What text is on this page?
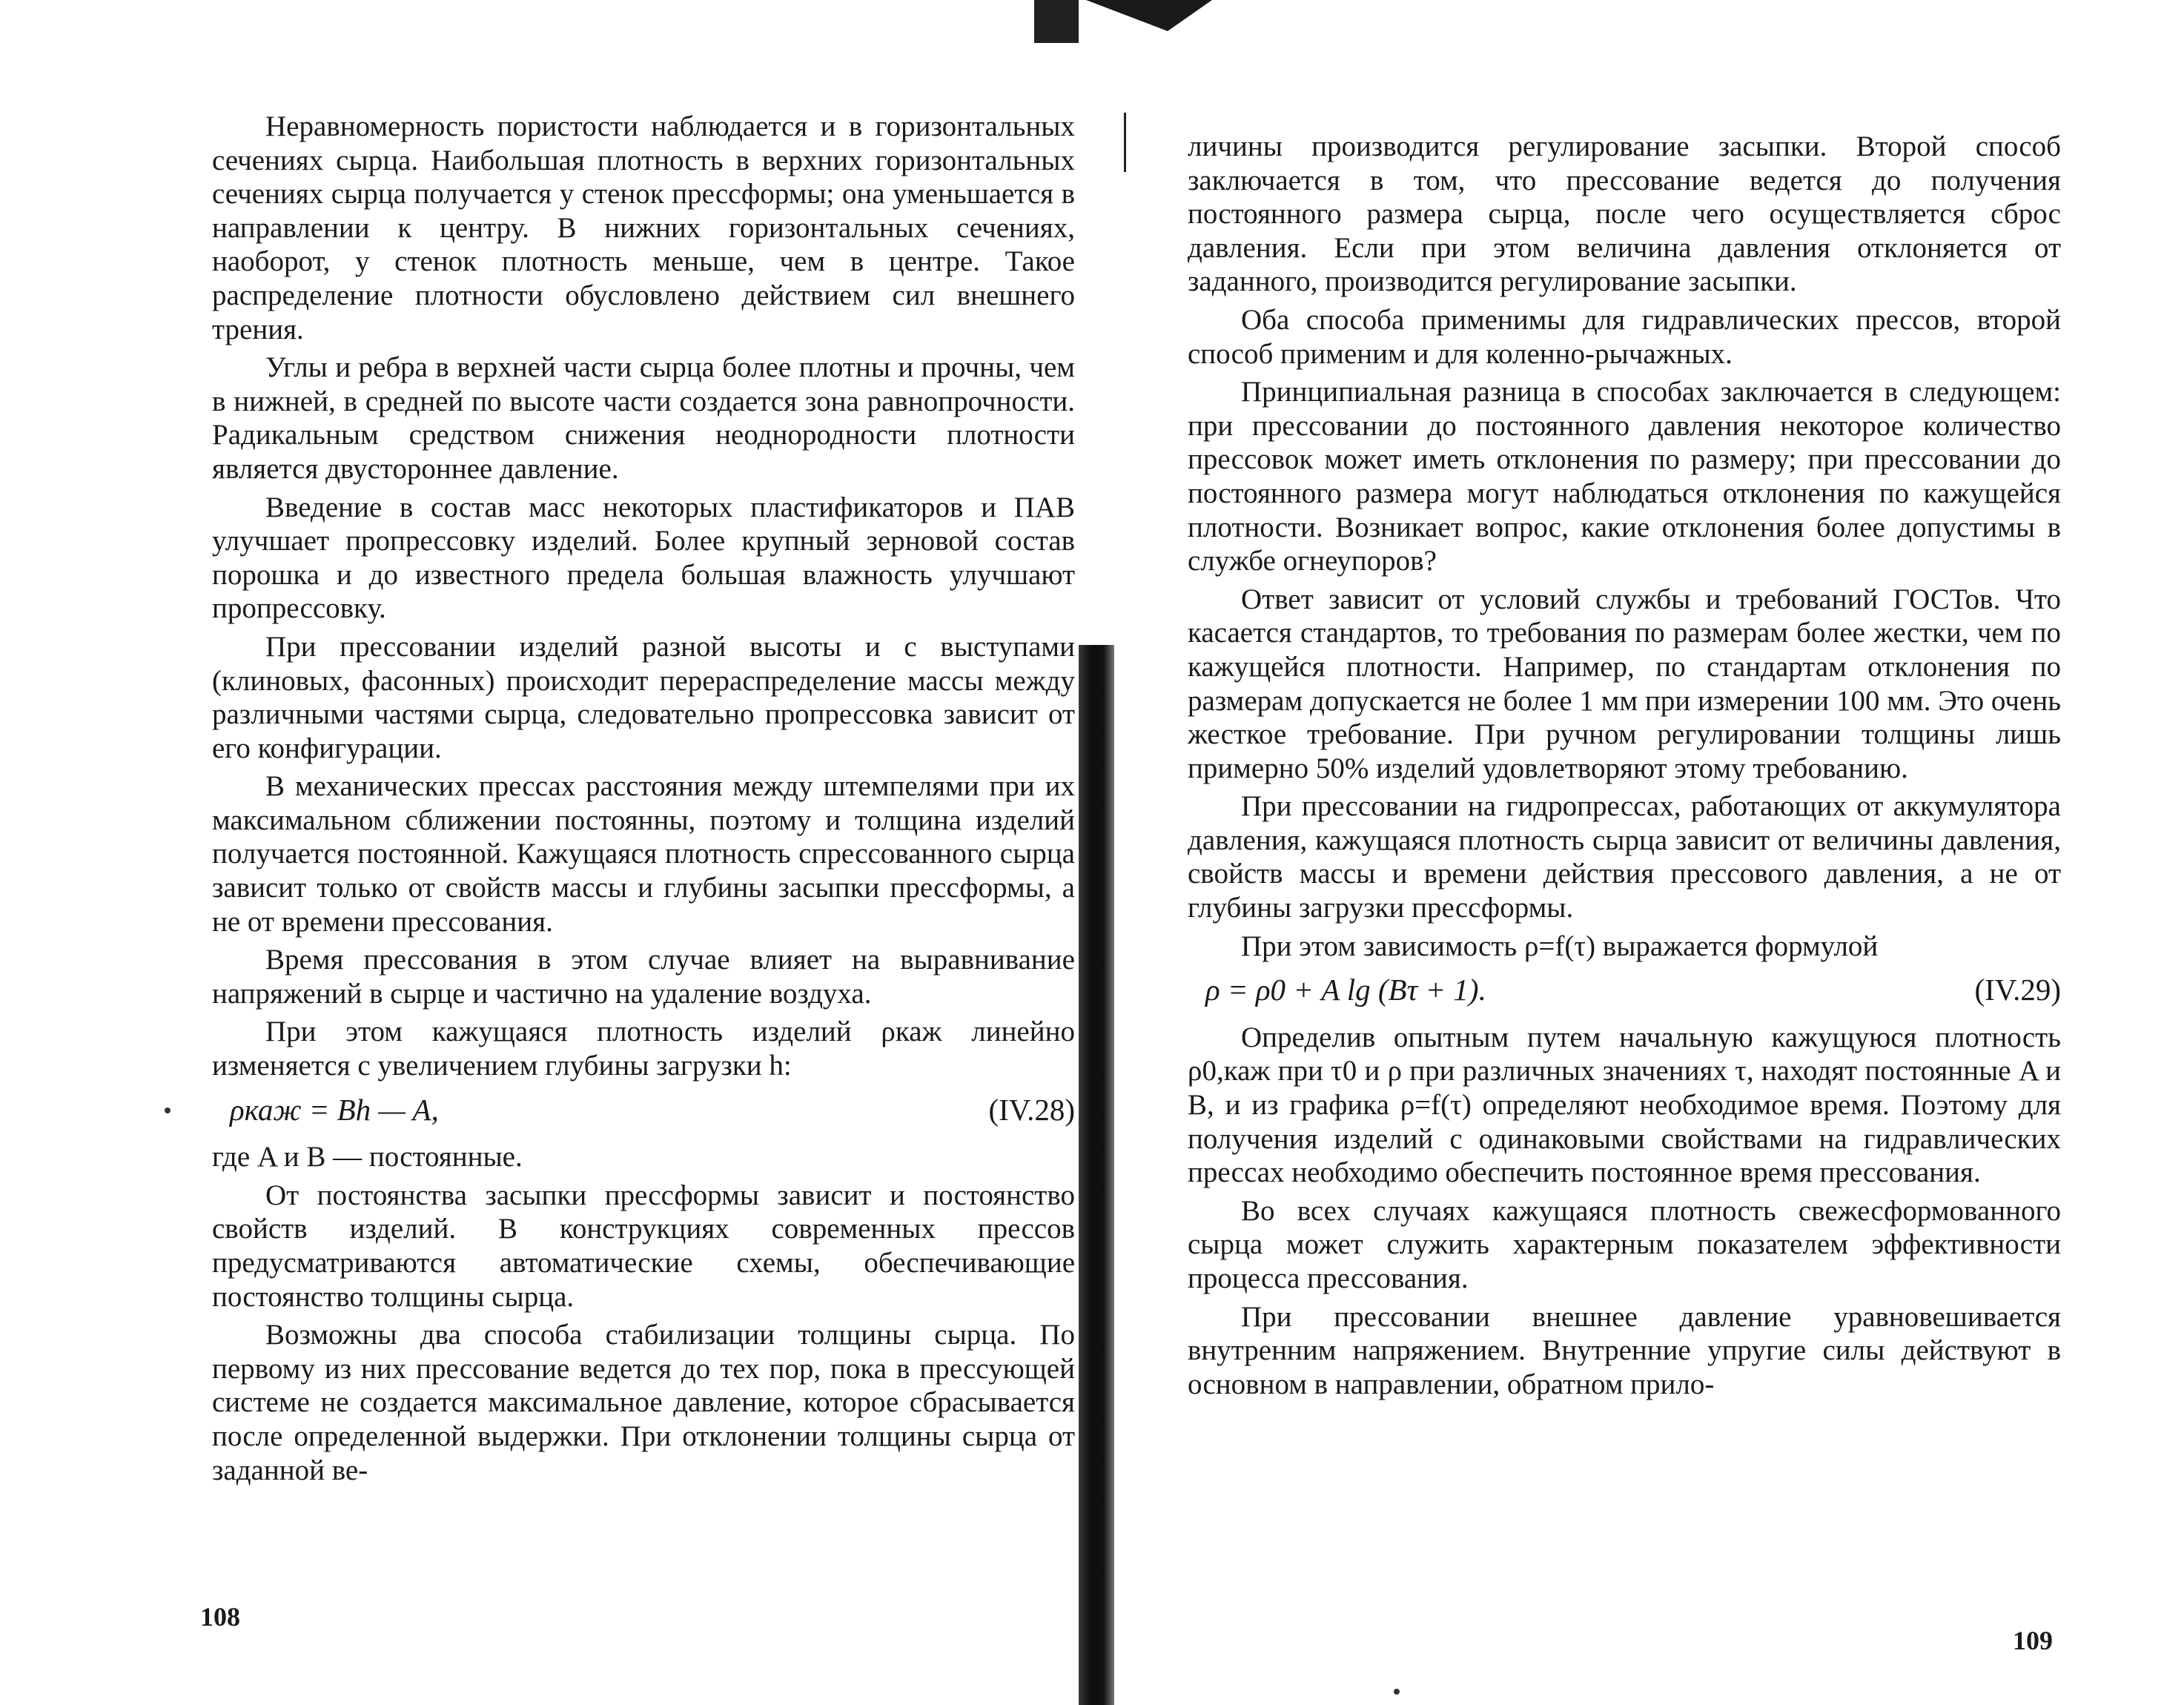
Неравномерность пористости наблюдается и в горизонтальных сечениях сырца. Наибольшая плотность в верхних горизонтальных сечениях сырца получается у стенок прессформы; она уменьшается в направлении к центру. В нижних горизонтальных сечениях, наоборот, у стенок плотность меньше, чем в центре. Такое распределение плотности обусловлено действием сил внешнего трения.

Углы и ребра в верхней части сырца более плотны и прочны, чем в нижней, в средней по высоте части создается зона равнопрочности. Радикальным средством снижения неоднородности плотности является двустороннее давление.

Введение в состав масс некоторых пластификаторов и ПАВ улучшает пропрессовку изделий. Более крупный зерновой состав порошка и до известного предела большая влажность улучшают пропрессовку.

При прессовании изделий разной высоты и с выступами (клиновых, фасонных) происходит перераспределение массы между различными частями сырца, следовательно пропрессовка зависит от его конфигурации.

В механических прессах расстояния между штемпелями при их максимальном сближении постоянны, поэтому и толщина изделий получается постоянной. Кажущаяся плотность спрессованного сырца зависит только от свойств массы и глубины засыпки прессформы, а не от времени прессования.

Время прессования в этом случае влияет на выравнивание напряжений в сырце и частично на удаление воздуха.

При этом кажущаяся плотность изделий ρкаж линейно изменяется с увеличением глубины загрузки h:

ρкаж = Bh — A,	(IV.28)

где A и B — постоянные.

От постоянства засыпки прессформы зависит и постоянство свойств изделий. В конструкциях современных прессов предусматриваются автоматические схемы, обеспечивающие постоянство толщины сырца.

Возможны два способа стабилизации толщины сырца. По первому из них прессование ведется до тех пор, пока в прессующей системе не создается максимальное давление, которое сбрасывается после определенной выдержки. При отклонении толщины сырца от заданной ве-

108

личины производится регулирование засыпки. Второй способ заключается в том, что прессование ведется до получения постоянного размера сырца, после чего осуществляется сброс давления. Если при этом величина давления отклоняется от заданного, производится регулирование засыпки.

Оба способа применимы для гидравлических прессов, второй способ применим и для коленно-рычажных.

Принципиальная разница в способах заключается в следующем: при прессовании до постоянного давления некоторое количество прессовок может иметь отклонения по размеру; при прессовании до постоянного размера могут наблюдаться отклонения по кажущейся плотности. Возникает вопрос, какие отклонения более допустимы в службе огнеупоров?

Ответ зависит от условий службы и требований ГОСТов. Что касается стандартов, то требования по размерам более жестки, чем по кажущейся плотности. Например, по стандартам отклонения по размерам допускается не более 1 мм при измерении 100 мм. Это очень жесткое требование. При ручном регулировании толщины лишь примерно 50% изделий удовлетворяют этому требованию.

При прессовании на гидропрессах, работающих от аккумулятора давления, кажущаяся плотность сырца зависит от величины давления, свойств массы и времени действия прессового давления, а не от глубины загрузки прессформы.

При этом зависимость ρ=f(τ) выражается формулой

ρ = ρ0 + A lg (Bτ + 1).	(IV.29)

Определив опытным путем начальную кажущуюся плотность ρ0,каж при τ0 и ρ при различных значениях τ, находят постоянные A и B, и из графика ρ=f(τ) определяют необходимое время. Поэтому для получения изделий с одинаковыми свойствами на гидравлических прессах необходимо обеспечить постоянное время прессования.

Во всех случаях кажущаяся плотность свежесформованного сырца может служить характерным показателем эффективности процесса прессования.

При прессовании внешнее давление уравновешивается внутренним напряжением. Внутренние упругие силы действуют в основном в направлении, обратном прило-

109
